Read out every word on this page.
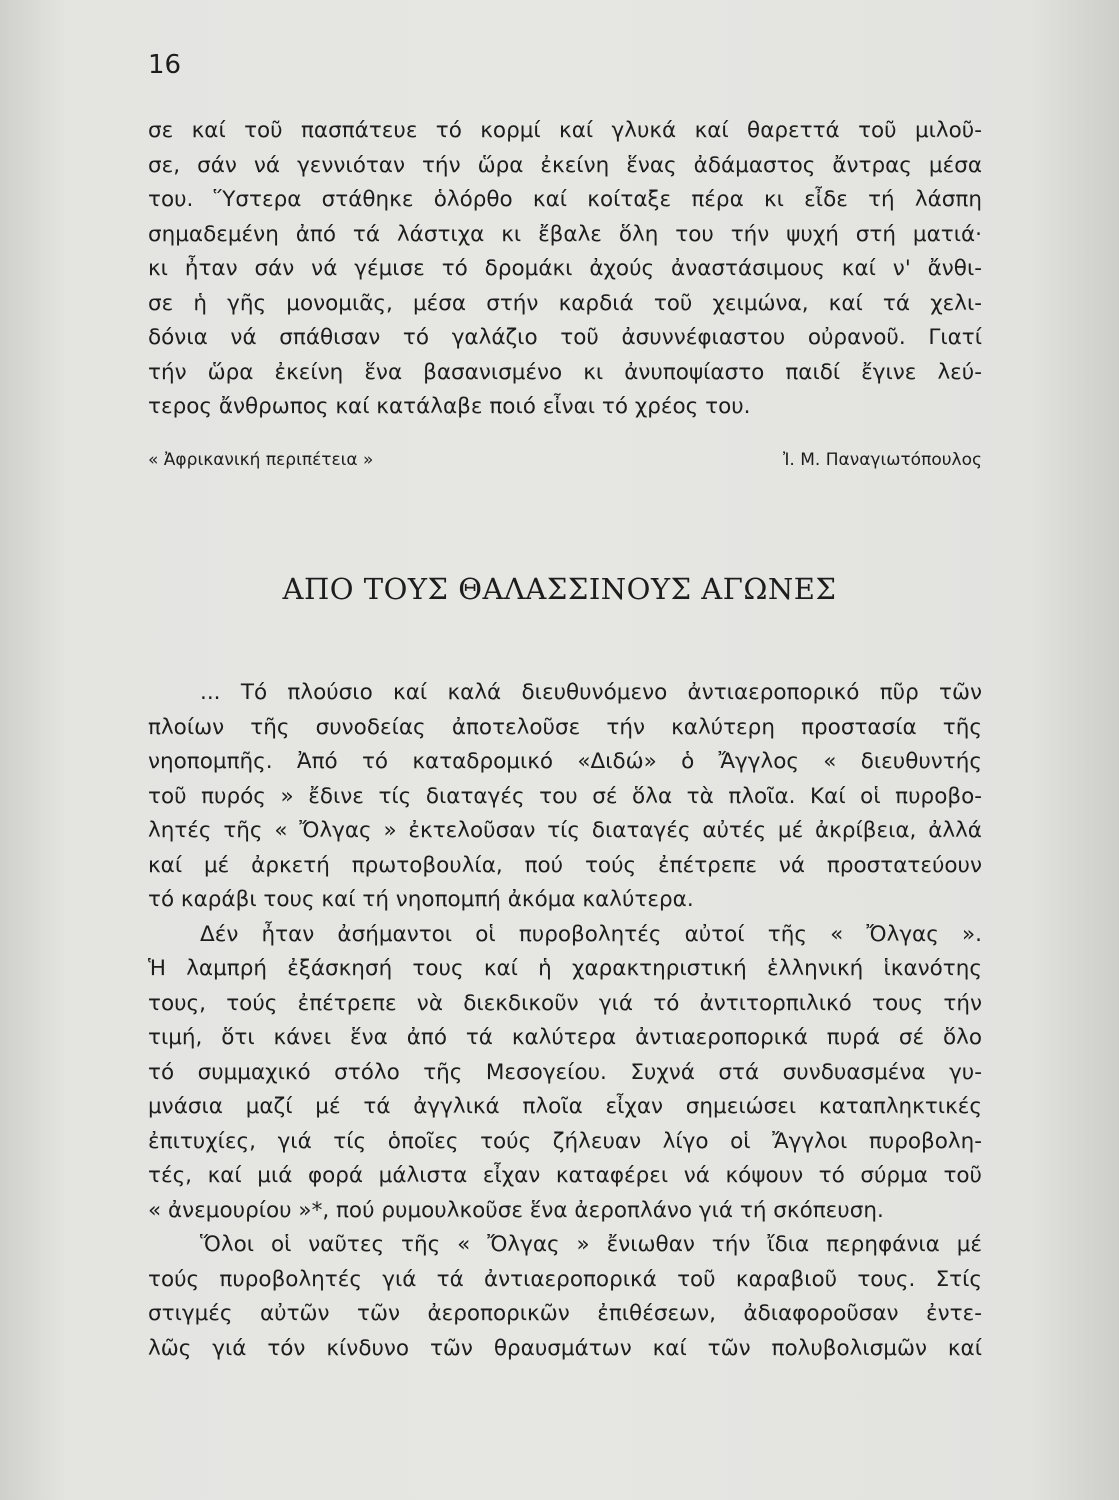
16
σε καί τοῦ πασπάτευε τό κορμί καί γλυκά καί θαρεττά τοῦ μιλοῦ-
σε, σάν νά γεννιόταν τήν ὥρα ἐκείνη ἕνας ἀδάμαστος ἄντρας μέσα
του. Ὕστερα στάθηκε ὁλόρθο καί κοίταξε πέρα κι εἶδε τή λάσπη
σημαδεμένη ἀπό τά λάστιχα κι ἔβαλε ὅλη του τήν ψυχή στή ματιά·
κι ἦταν σάν νά γέμισε τό δρομάκι ἀχούς ἀναστάσιμους καί ν' ἄνθι-
σε ἡ γῆς μονομιᾶς, μέσα στήν καρδιά τοῦ χειμώνα, καί τά χελι-
δόνια νά σπάθισαν τό γαλάζιο τοῦ ἀσυννέφιαστου οὐρανοῦ. Γιατί
τήν ὥρα ἐκείνη ἕνα βασανισμένο κι ἀνυποψίαστο παιδί ἔγινε λεύ-
τερος ἄνθρωπος καί κατάλαβε ποιό εἶναι τό χρέος του.
« Ἀφρικανική περιπέτεια »	Ἰ. Μ. Παναγιωτόπουλος
ΑΠΟ ΤΟΥΣ ΘΑΛΑΣΣΙΝΟΥΣ ΑΓΩΝΕΣ
... Τό πλούσιο καί καλά διευθυνόμενο ἀντιαεροπορικό πῦρ τῶν
πλοίων τῆς συνοδείας ἀποτελοῦσε τήν καλύτερη προστασία τῆς
νηοπομπῆς. Ἀπό τό καταδρομικό «Διδώ» ὁ Ἄγγλος « διευθυντής
τοῦ πυρός » ἔδινε τίς διαταγές του σέ ὅλα τὰ πλοῖα. Καί οἱ πυροβο-
λητές τῆς « Ὄλγας » ἐκτελοῦσαν τίς διαταγές αὐτές μέ ἀκρίβεια, ἀλλά
καί μέ ἀρκετή πρωτοβουλία, πού τούς ἐπέτρεπε νά προστατεύουν
τό καράβι τους καί τή νηοπομπή ἀκόμα καλύτερα.
Δέν ἦταν ἀσήμαντοι οἱ πυροβολητές αὐτοί τῆς « Ὄλγας ».
Ἡ λαμπρή ἐξάσκησή τους καί ἡ χαρακτηριστική ἑλληνική ἱκανότης
τους, τούς ἐπέτρεπε νὰ διεκδικοῦν γιά τό ἀντιτορπιλικό τους τήν
τιμή, ὅτι κάνει ἕνα ἀπό τά καλύτερα ἀντιαεροπορικά πυρά σέ ὅλο
τό συμμαχικό στόλο τῆς Μεσογείου. Συχνά στά συνδυασμένα γυ-
μνάσια μαζί μέ τά ἀγγλικά πλοῖα εἶχαν σημειώσει καταπληκτικές
ἐπιτυχίες, γιά τίς ὁποῖες τούς ζήλευαν λίγο οἱ Ἄγγλοι πυροβολη-
τές, καί μιά φορά μάλιστα εἶχαν καταφέρει νά κόψουν τό σύρμα τοῦ
« ἀνεμουρίου »*, πού ρυμουλκοῦσε ἕνα ἀεροπλάνο γιά τή σκόπευση.
Ὅλοι οἱ ναῦτες τῆς « Ὄλγας » ἔνιωθαν τήν ἴδια περηφάνια μέ
τούς πυροβολητές γιά τά ἀντιαεροπορικά τοῦ καραβιοῦ τους. Στίς
στιγμές αὐτῶν τῶν ἀεροπορικῶν ἐπιθέσεων, ἀδιαφοροῦσαν ἐντε-
λῶς γιά τόν κίνδυνο τῶν θραυσμάτων καί τῶν πολυβολισμῶν καί
